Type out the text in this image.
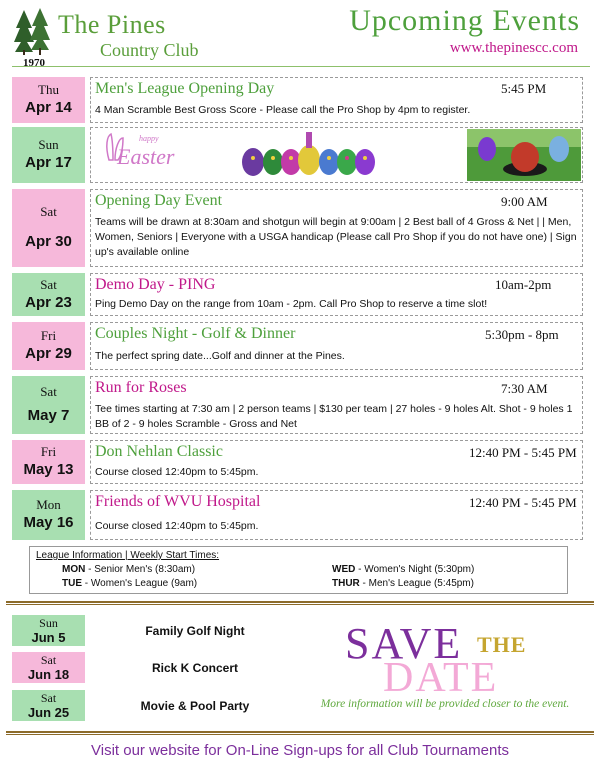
1970
The Pines
Country Club
Upcoming Events
www.thepinescc.com
Thu
Apr 14
Men's League Opening Day	5:45 PM
4 Man Scramble Best Gross Score - Please call the Pro Shop by 4pm to register.
Sun
Apr 17
happy
Easter
Sat
Apr 30
Opening Day Event	9:00 AM
Teams will be drawn at 8:30am and shotgun will begin at 9:00am | 2 Best ball of 4 Gross & Net | | Men, Women, Seniors | Everyone with a USGA handicap (Please call Pro Shop if you do not have one) | Sign up's available online
Sat
Apr 23
Demo Day - PING	10am-2pm
Ping Demo Day on the range from 10am - 2pm. Call Pro Shop to reserve a time slot!
Fri
Apr 29
Couples Night - Golf & Dinner	5:30pm - 8pm
The perfect spring date...Golf and dinner at the Pines.
Sat
May 7
Run for Roses	7:30 AM
Tee times starting at 7:30 am | 2 person teams | $130 per team | 27 holes - 9 holes Alt. Shot - 9 holes 1 BB of 2 - 9 holes Scramble - Gross and Net
Fri
May 13
Don Nehlan Classic	12:40 PM - 5:45 PM
Course closed 12:40pm to 5:45pm.
Mon
May 16
Friends of WVU Hospital	12:40 PM - 5:45 PM
Course closed 12:40pm to 5:45pm.
League Information | Weekly Start Times:
MON - Senior Men's (8:30am)
TUE - Women's League (9am)
WED - Women's Night (5:30pm)
THUR - Men's League (5:45pm)
Sun
Jun 5	Family Golf Night
Sat
Jun 18	Rick K Concert
Sat
Jun 25	Movie & Pool Party
SAVE THE
DATE
More information will be provided closer to the event.
Visit our website for On-Line Sign-ups for all Club Tournaments
